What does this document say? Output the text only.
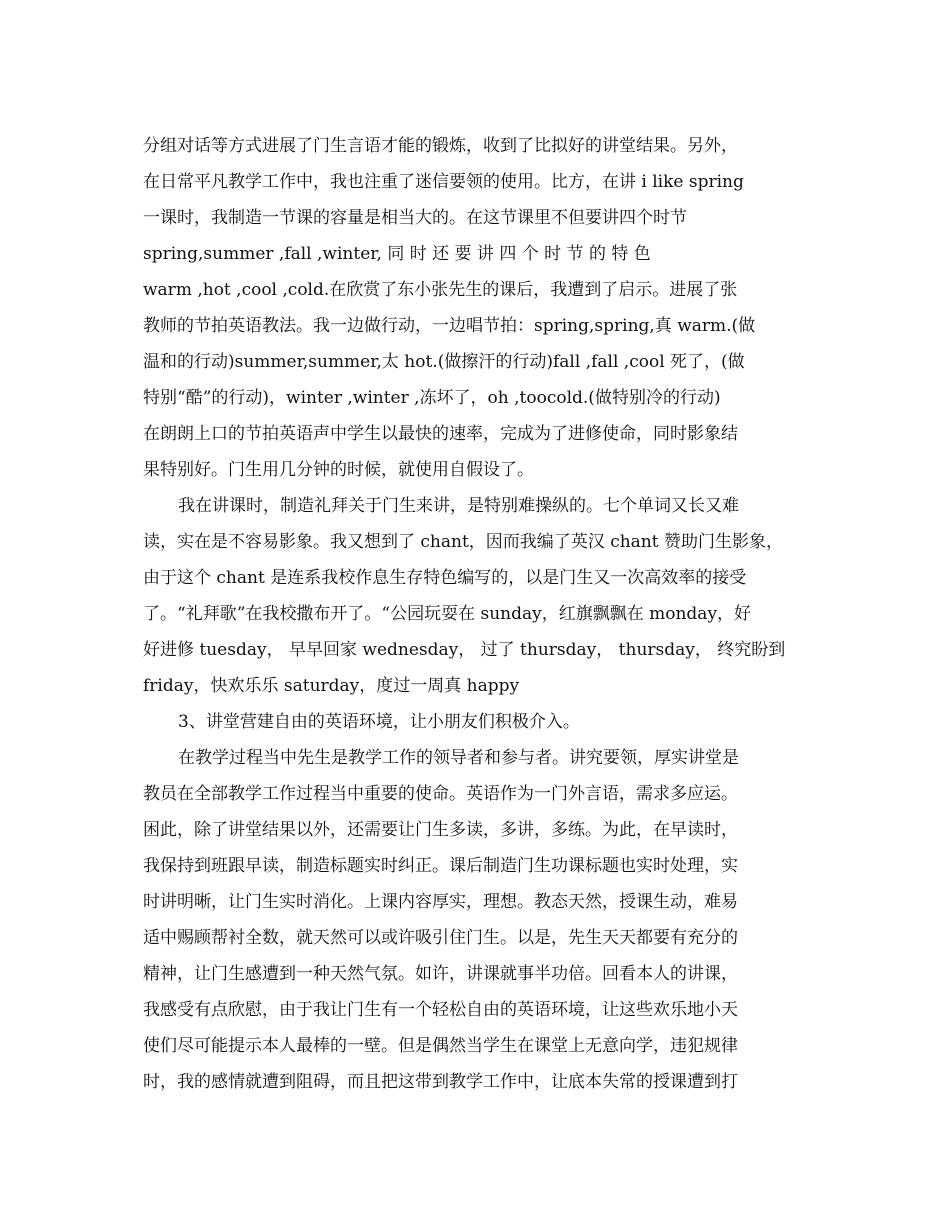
分组对话等方式进展了门生言语才能的锻炼，收到了比拟好的讲堂结果。另外，
在日常平凡教学工作中，我也注重了迷信要领的使用。比方，在讲 i like spring
一课时，我制造一节课的容量是相当大的。在这节课里不但要讲四个时节
spring,summer ,fall ,winter, 同 时 还 要 讲 四 个 时 节 的 特 色
warm ,hot ,cool ,cold.在欣赏了东小张先生的课后，我遭到了启示。进展了张
教师的节拍英语教法。我一边做行动，一边唱节拍：spring,spring,真 warm.(做
温和的行动)summer,summer,太 hot.(做擦汗的行动)fall ,fall ,cool 死了，(做
特别“酷”的行动)，winter ,winter ,冻坏了，oh ,toocold.(做特别冷的行动)
在朗朗上口的节拍英语声中学生以最快的速率，完成为了进修使命，同时影象结
果特别好。门生用几分钟的时候，就使用自假设了。
我在讲课时，制造礼拜关于门生来讲，是特别难操纵的。七个单词又长又难
读，实在是不容易影象。我又想到了 chant，因而我编了英汉 chant 赞助门生影象，
由于这个 chant 是连系我校作息生存特色编写的，以是门生又一次高效率的接受
了。“礼拜歌”在我校撒布开了。“公园玩耍在 sunday，红旗飘飘在 monday，好
好进修 tuesday， 早早回家 wednesday， 过了 thursday， thursday， 终究盼到
friday，快欢乐乐 saturday，度过一周真 happy
3、讲堂营建自由的英语环境，让小朋友们积极介入。
在教学过程当中先生是教学工作的领导者和参与者。讲究要领，厚实讲堂是
教员在全部教学工作过程当中重要的使命。英语作为一门外言语，需求多应运。
困此，除了讲堂结果以外，还需要让门生多读，多讲，多练。为此，在早读时，
我保持到班跟早读，制造标题实时纠正。课后制造门生功课标题也实时处理，实
时讲明晰，让门生实时消化。上课内容厚实，理想。教态天然，授课生动，难易
适中赐顾帮衬全数，就天然可以或许吸引住门生。以是，先生天天都要有充分的
精神，让门生感遭到一种天然气氛。如许，讲课就事半功倍。回看本人的讲课，
我感受有点欣慰，由于我让门生有一个轻松自由的英语环境，让这些欢乐地小天
使们尽可能提示本人最棒的一壁。但是偶然当学生在课堂上无意向学，违犯规律
时，我的感情就遭到阻碍，而且把这带到教学工作中，让底本失常的授课遭到打
